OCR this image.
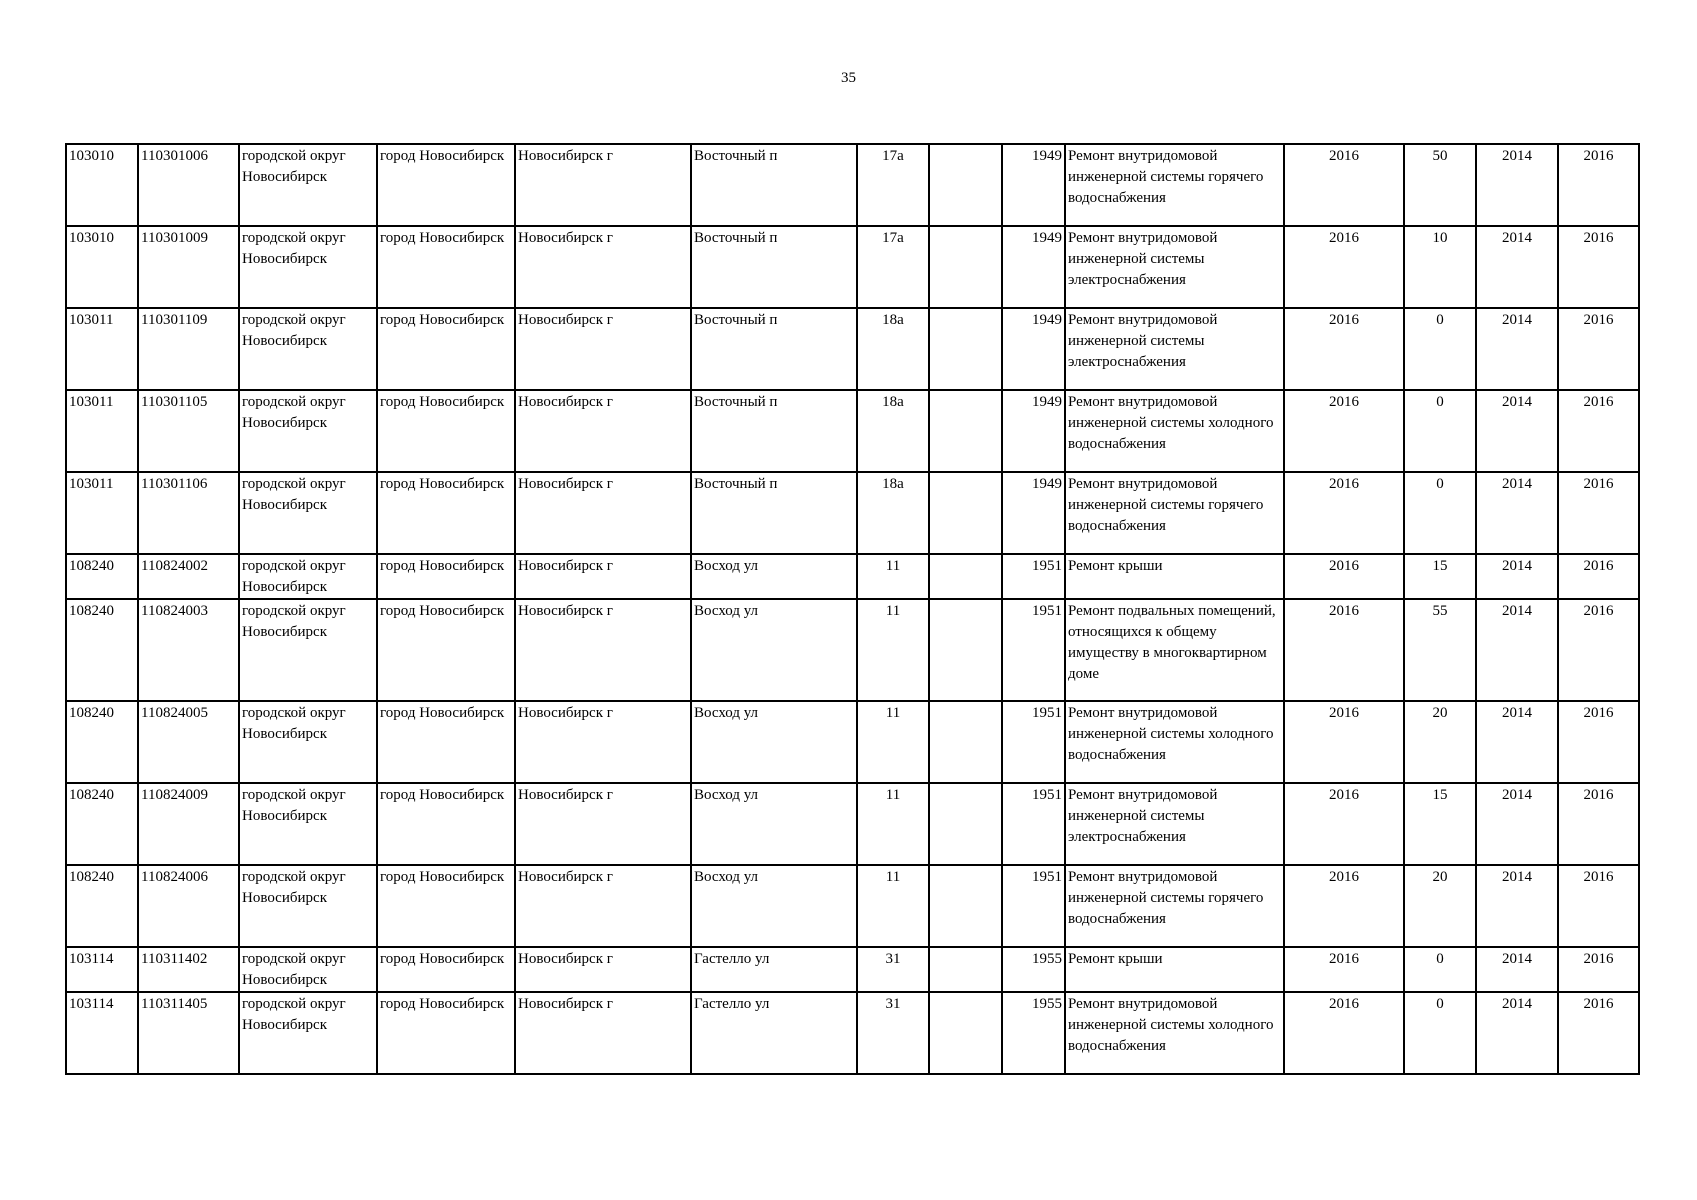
35
103010	110301006	городской округ Новосибирск	город Новосибирск	Новосибирск г	Восточный п	17а		1949	Ремонт внутридомовой инженерной системы горячего водоснабжения	2016	50	2014	2016
103010	110301009	городской округ Новосибирск	город Новосибирск	Новосибирск г	Восточный п	17а		1949	Ремонт внутридомовой инженерной системы электроснабжения	2016	10	2014	2016
103011	110301109	городской округ Новосибирск	город Новосибирск	Новосибирск г	Восточный п	18а		1949	Ремонт внутридомовой инженерной системы электроснабжения	2016	0	2014	2016
103011	110301105	городской округ Новосибирск	город Новосибирск	Новосибирск г	Восточный п	18а		1949	Ремонт внутридомовой инженерной системы холодного водоснабжения	2016	0	2014	2016
103011	110301106	городской округ Новосибирск	город Новосибирск	Новосибирск г	Восточный п	18а		1949	Ремонт внутридомовой инженерной системы горячего водоснабжения	2016	0	2014	2016
108240	110824002	городской округ Новосибирск	город Новосибирск	Новосибирск г	Восход ул	11		1951	Ремонт крыши	2016	15	2014	2016
108240	110824003	городской округ Новосибирск	город Новосибирск	Новосибирск г	Восход ул	11		1951	Ремонт подвальных помещений, относящихся к общему имуществу в многоквартирном доме	2016	55	2014	2016
108240	110824005	городской округ Новосибирск	город Новосибирск	Новосибирск г	Восход ул	11		1951	Ремонт внутридомовой инженерной системы холодного водоснабжения	2016	20	2014	2016
108240	110824009	городской округ Новосибирск	город Новосибирск	Новосибирск г	Восход ул	11		1951	Ремонт внутридомовой инженерной системы электроснабжения	2016	15	2014	2016
108240	110824006	городской округ Новосибирск	город Новосибирск	Новосибирск г	Восход ул	11		1951	Ремонт внутридомовой инженерной системы горячего водоснабжения	2016	20	2014	2016
103114	110311402	городской округ Новосибирск	город Новосибирск	Новосибирск г	Гастелло ул	31		1955	Ремонт крыши	2016	0	2014	2016
103114	110311405	городской округ Новосибирск	город Новосибирск	Новосибирск г	Гастелло ул	31		1955	Ремонт внутридомовой инженерной системы холодного водоснабжения	2016	0	2014	2016
